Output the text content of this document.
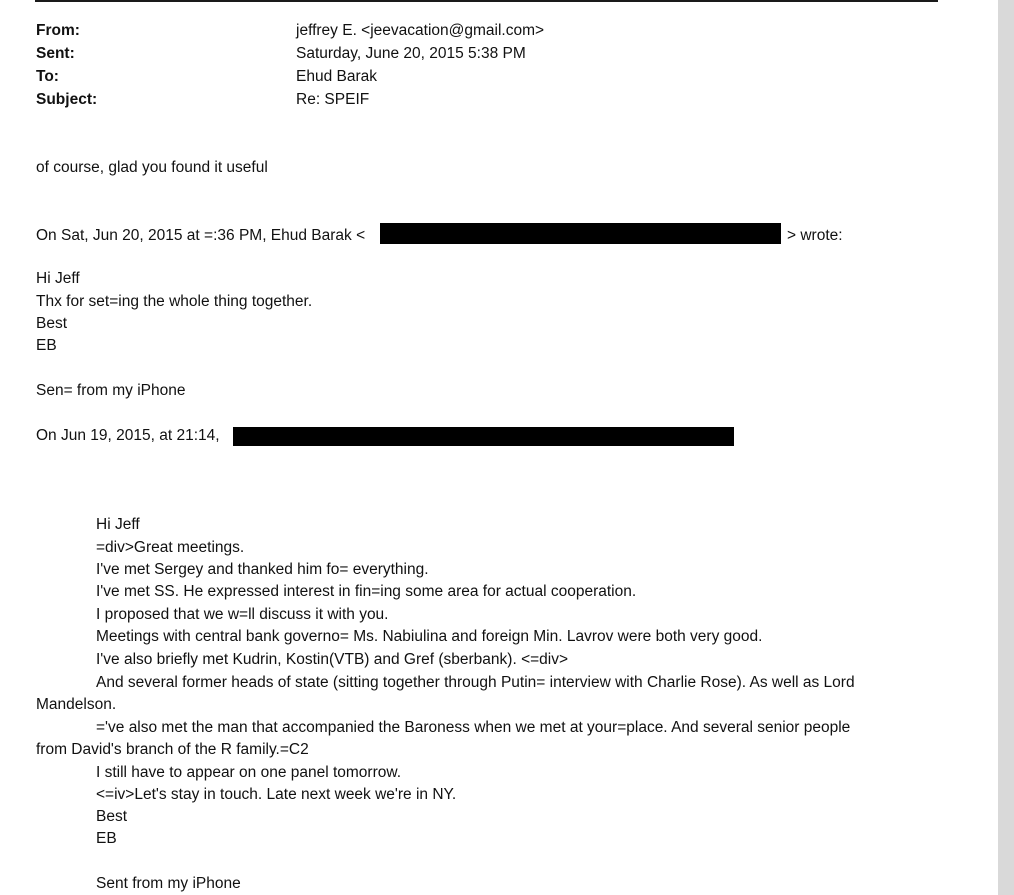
From:	jeffrey E. <jeevacation@gmail.com>
Sent:	Saturday, June 20, 2015 5:38 PM
To:	Ehud Barak
Subject:	Re: SPEIF
of course, glad you found it useful
On Sat, Jun 20, 2015 at =:36 PM, Ehud Barak <	> wrote:
Hi Jeff
Thx for set=ing the whole thing together.
Best
EB
Sen= from my iPhone
On Jun 19, 2015, at 21:14,
Hi Jeff
=div>Great meetings.
I've met Sergey and thanked him fo= everything.
I've met SS. He expressed interest in fin=ing some area for actual cooperation.
I proposed that we w=ll discuss it with you.
Meetings with central bank governo= Ms. Nabiulina and foreign Min. Lavrov were both very good.
I've also briefly met Kudrin, Kostin(VTB) and Gref (sberbank). <=div>
And several former heads of state (sitting together through Putin= interview with Charlie Rose). As well as Lord
Mandelson.
='ve also met the man that accompanied the Baroness when we met at your=place. And several senior people
from David's branch of the R family.=C2
I still have to appear on one panel tomorrow.
<=iv>Let's stay in touch. Late next week we're in NY.
Best
EB
Sent from my iPhone
